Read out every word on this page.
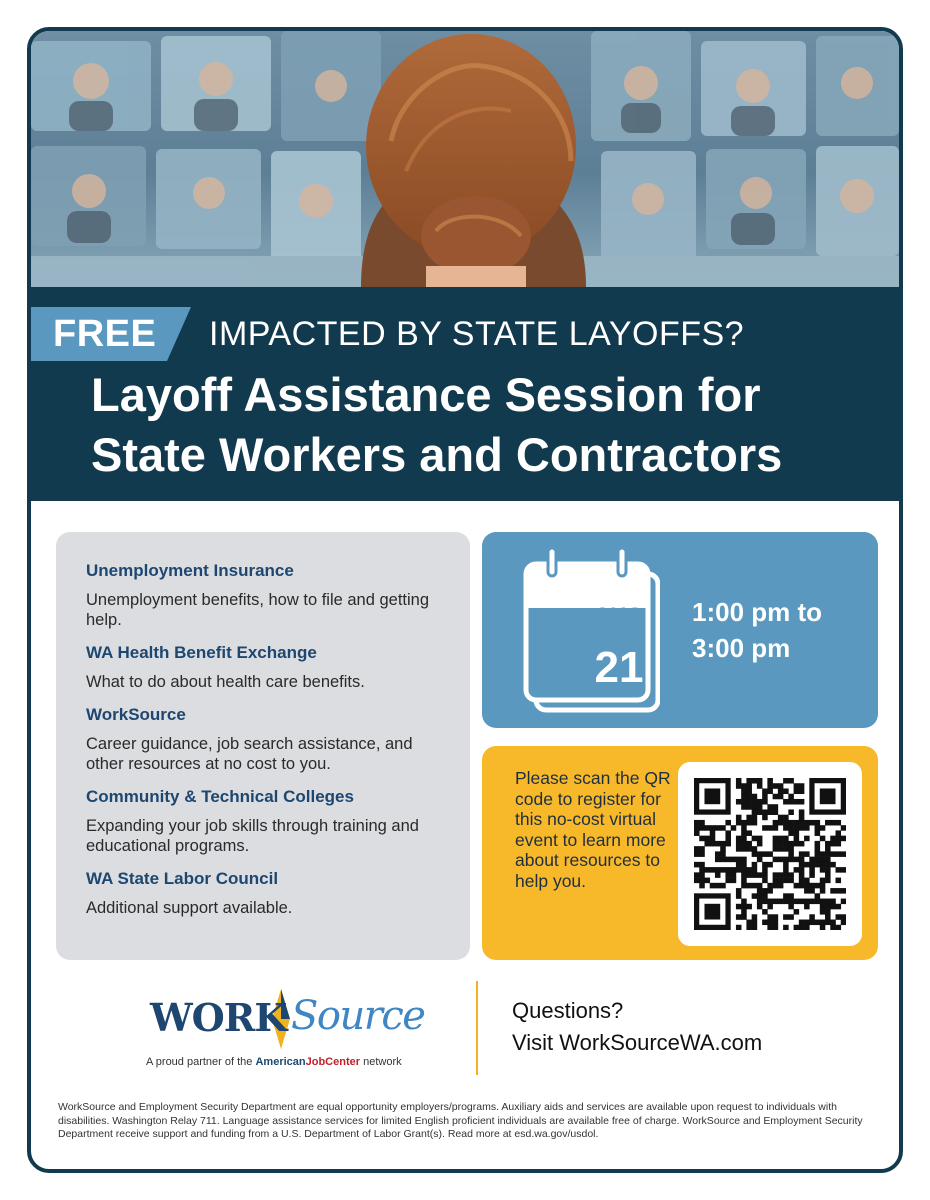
FREE IMPACTED BY STATE LAYOFFS?
Layoff Assistance Session for
State Workers and Contractors
Unemployment Insurance
Unemployment benefits, how to file and getting help.
WA Health Benefit Exchange
What to do about health care benefits.
WorkSource
Career guidance, job search assistance, and other resources at no cost to you.
Community & Technical Colleges
Expanding your job skills through training and educational programs.
WA State Labor Council
Additional support available.
AUG
21
1:00 pm to
3:00 pm
Please scan the QR code to register for this no-cost virtual event to learn more about resources to help you.
WORK Source
A proud partner of the AmericanJobCenter network
Questions?
Visit WorkSourceWA.com
WorkSource and Employment Security Department are equal opportunity employers/programs. Auxiliary aids and services are available upon request to individuals with disabilities. Washington Relay 711. Language assistance services for limited English proficient individuals are available free of charge. WorkSource and Employment Security Department receive support and funding from a U.S. Department of Labor Grant(s). Read more at esd.wa.gov/usdol.
